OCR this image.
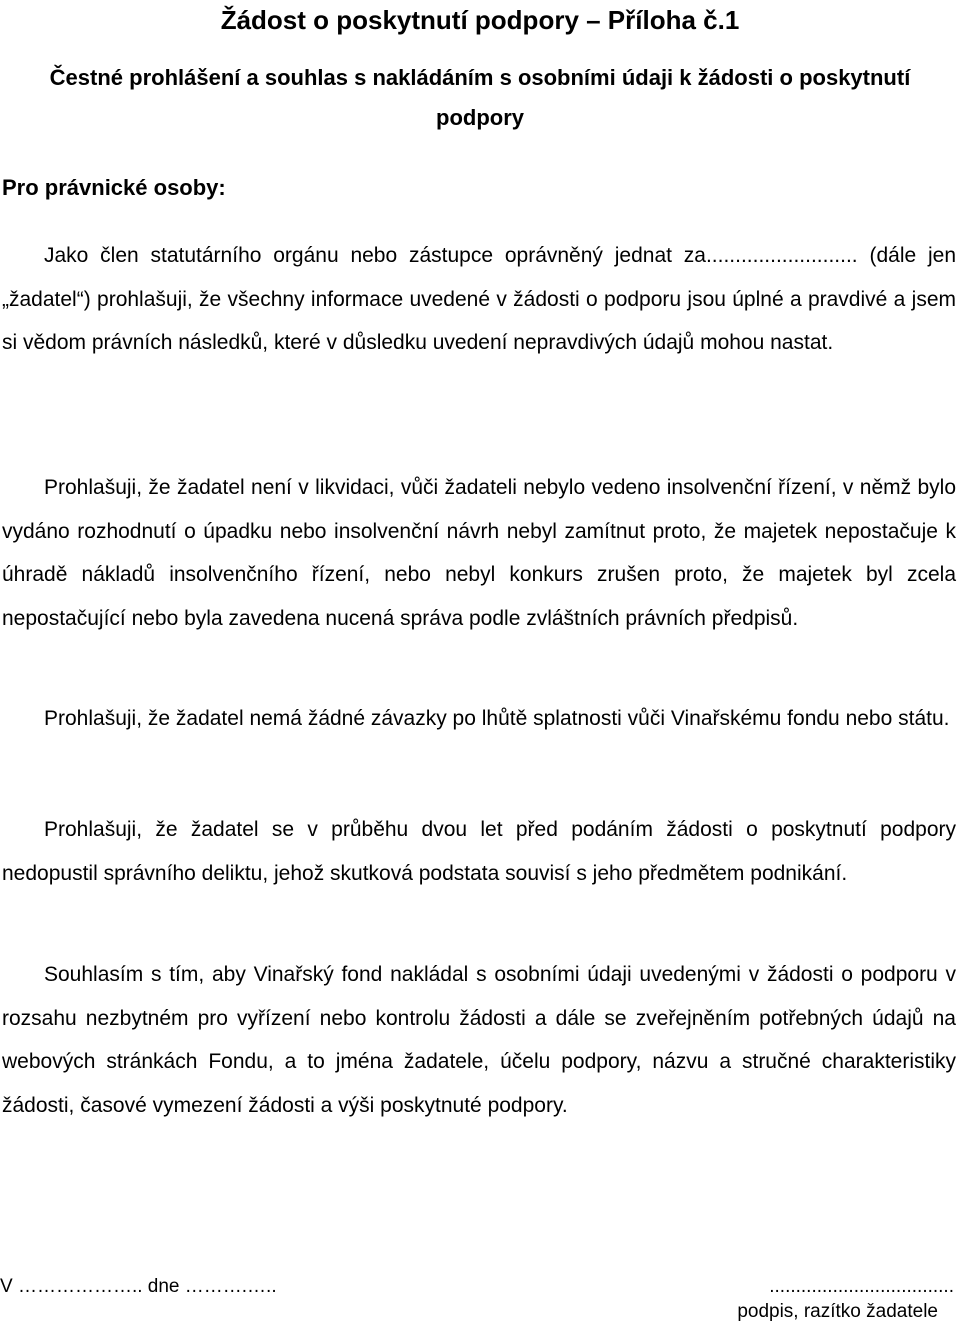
Žádost o poskytnutí podpory – Příloha č.1
Čestné prohlášení a souhlas s nakládáním s osobními údaji k žádosti o poskytnutí podpory
Pro právnické osoby:

Jako člen statutárního orgánu nebo zástupce oprávněný jednat za.......................... (dále jen „žadatel“) prohlašuji, že všechny informace uvedené v žádosti o podporu jsou úplné a pravdivé a jsem si vědom právních následků, které v důsledku uvedení nepravdivých údajů mohou nastat.

Prohlašuji, že žadatel není v likvidaci, vůči žadateli nebylo vedeno insolvenční řízení, v němž bylo vydáno rozhodnutí o úpadku nebo insolvenční návrh nebyl zamítnut proto, že majetek nepostačuje k úhradě nákladů insolvenčního řízení, nebo nebyl konkurs zrušen proto, že majetek byl zcela nepostačující nebo byla zavedena nucená správa podle zvláštních právních předpisů.

Prohlašuji, že žadatel nemá žádné závazky po lhůtě splatnosti vůči Vinařskému fondu nebo státu.

Prohlašuji, že žadatel se v průběhu dvou let před podáním žádosti o poskytnutí podpory nedopustil správního deliktu, jehož skutková podstata souvisí s jeho předmětem podnikání.

Souhlasím s tím, aby Vinařský fond nakládal s osobními údaji uvedenými v žádosti o podporu v rozsahu nezbytném pro vyřízení nebo kontrolu žádosti a dále se zveřejněním potřebných údajů na webových stránkách Fondu, a to jména žadatele, účelu podpory, názvu a stručné charakteristiky žádosti, časové vymezení žádosti a výši poskytnuté podpory.

V ……………….. dne ……….…..	...................................
podpis, razítko žadatele
